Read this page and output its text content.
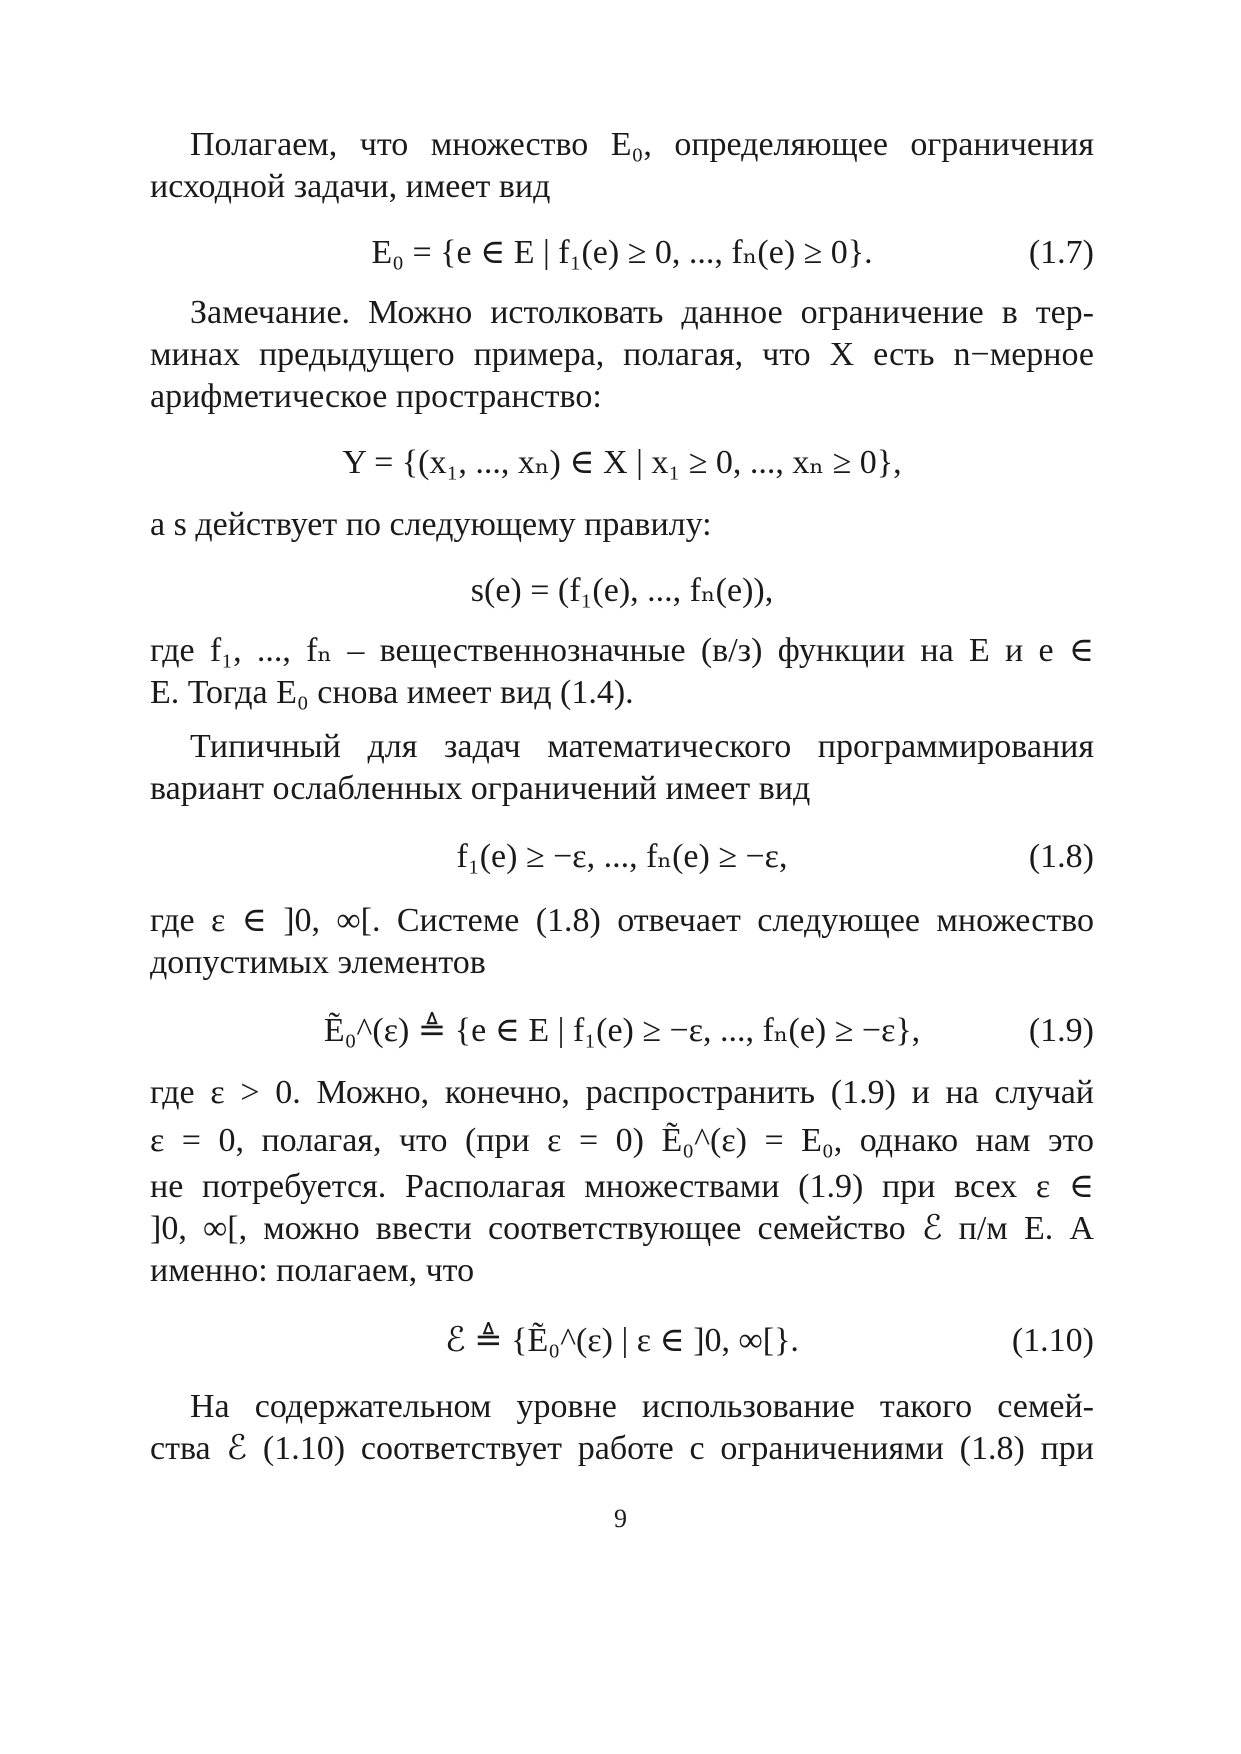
Полагаем, что множество E₀, определяющее ограничения
исходной задачи, имеет вид
E₀ = {e ∈ E | f₁(e) ≥ 0, ..., fₙ(e) ≥ 0}.	(1.7)
Замечание. Можно истолковать данное ограничение в тер-
минах предыдущего примера, полагая, что X есть n−мерное
арифметическое пространство:
Y = {(x₁, ..., xₙ) ∈ X | x₁ ≥ 0, ..., xₙ ≥ 0},
a s действует по следующему правилу:
s(e) = (f₁(e), ..., fₙ(e)),
где f₁, ..., fₙ – вещественнозначные (в/з) функции на E и e ∈
E. Тогда E₀ снова имеет вид (1.4).
Типичный для задач математического программирования
вариант ослабленных ограничений имеет вид
f₁(e) ≥ −ε, ..., fₙ(e) ≥ −ε,	(1.8)
где ε ∈ ]0, ∞[. Системе (1.8) отвечает следующее множество
допустимых элементов
Ẽ₀^(ε) ≜ {e ∈ E | f₁(e) ≥ −ε, ..., fₙ(e) ≥ −ε},	(1.9)
где ε > 0. Можно, конечно, распространить (1.9) и на случай
ε = 0, полагая, что (при ε = 0) Ẽ₀^(ε) = E₀, однако нам это
не потребуется. Располагая множествами (1.9) при всех ε ∈
]0, ∞[, можно ввести соответствующее семейство ℰ п/м E. А
именно: полагаем, что
ℰ ≜ {Ẽ₀^(ε) | ε ∈ ]0, ∞[}.	(1.10)
На содержательном уровне использование такого семей-
ства ℰ (1.10) соответствует работе с ограничениями (1.8) при
9
